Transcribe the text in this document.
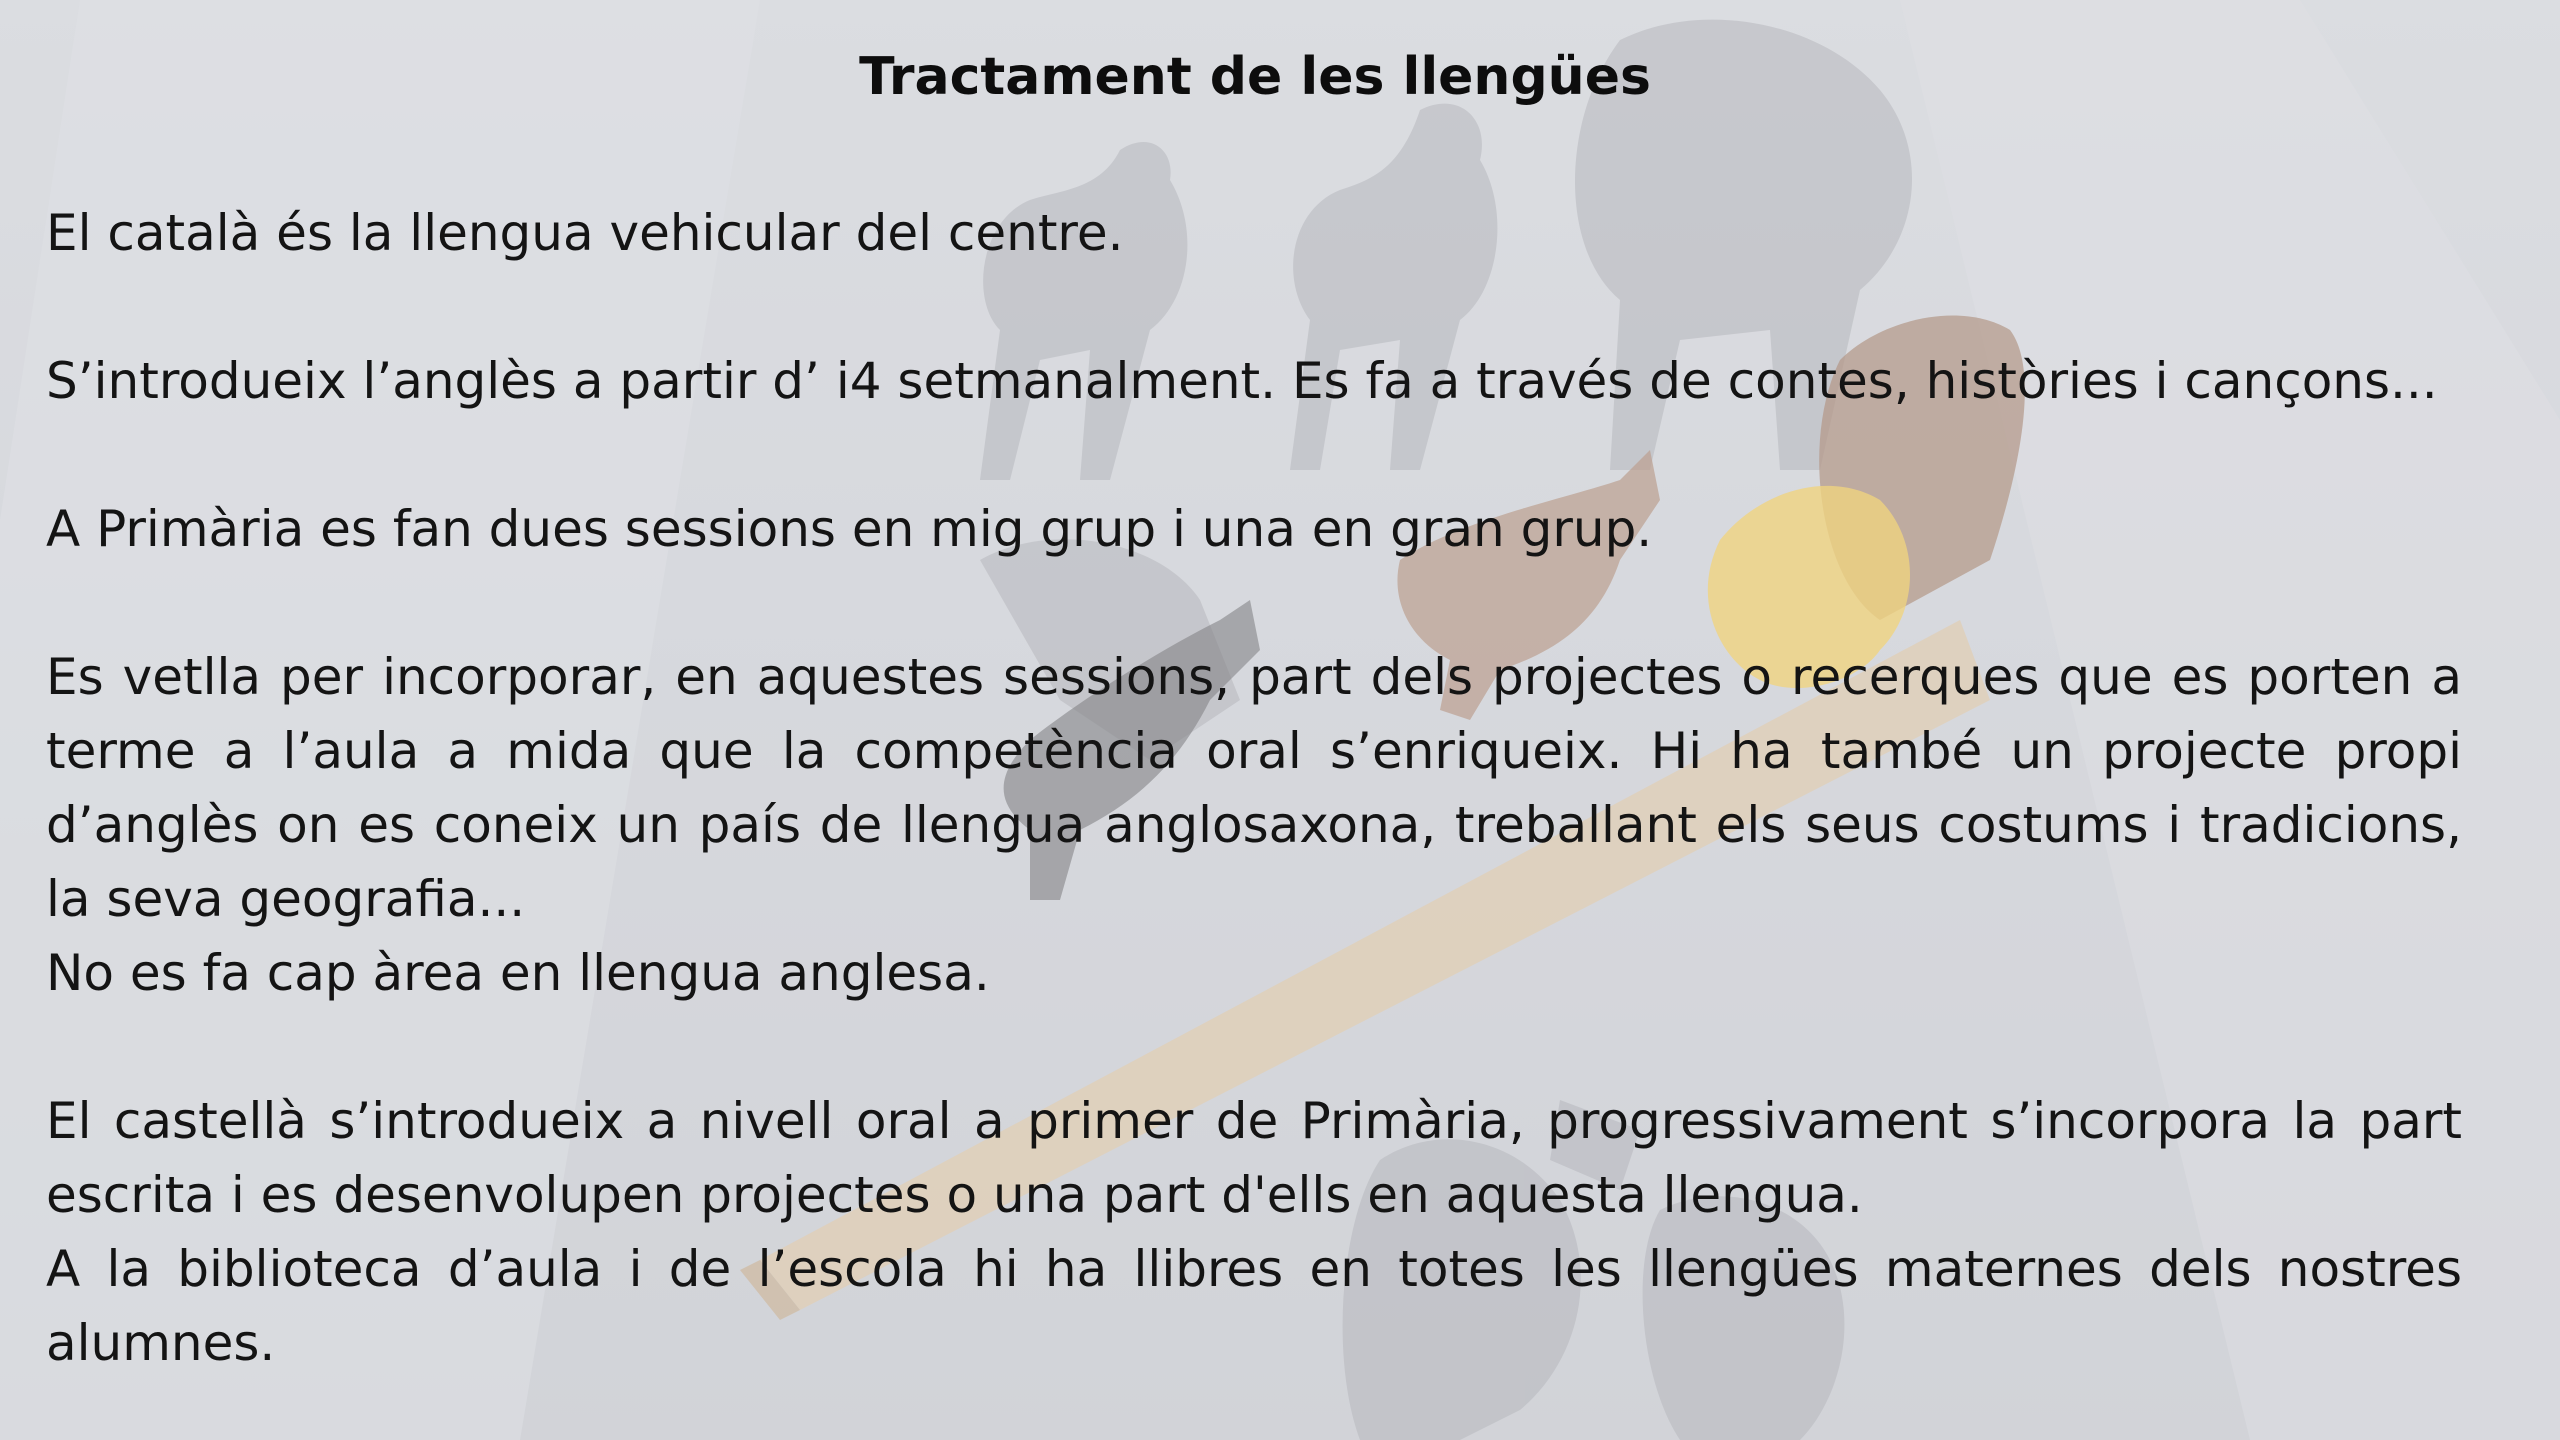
Tractament de les llengües

El català és la llengua vehicular del centre.

S’introdueix l’anglès a partir d’ i4 setmanalment. Es fa a través de contes, històries i cançons...

A Primària es fan dues sessions en mig grup i una en gran grup.

Es vetlla per incorporar, en aquestes sessions, part dels projectes o recerques que es porten a terme a l’aula a mida que la competència oral s’enriqueix. Hi ha també un projecte propi d’anglès on es coneix un país de llengua anglosaxona, treballant els seus costums i tradicions, la seva geografia...
No es fa cap àrea en llengua anglesa.

El castellà s’introdueix a nivell oral a primer de Primària, progressivament s’incorpora la part escrita i es desenvolupen projectes o una part d'ells en aquesta llengua.
A la biblioteca d’aula i de l’escola hi ha llibres en totes les llengües maternes dels nostres alumnes.
